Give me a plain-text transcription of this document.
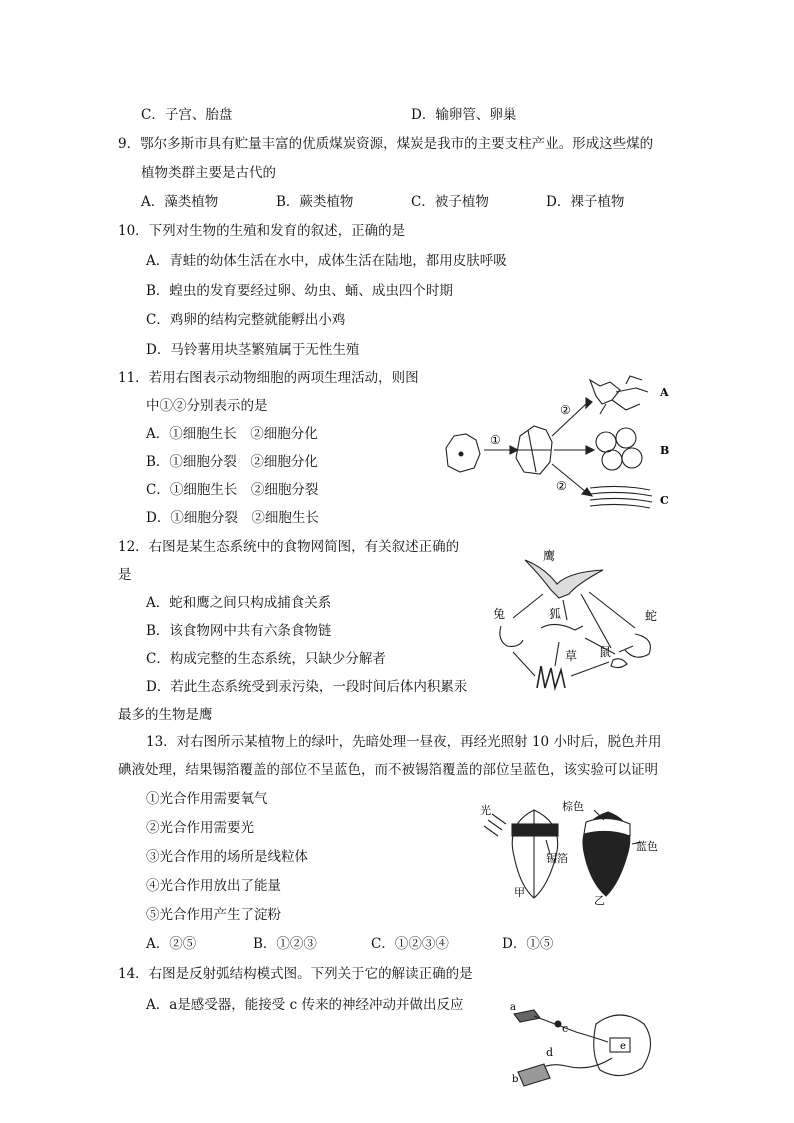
C．子宫、胎盘	D．输卵管、卵巢
9．鄂尔多斯市具有贮量丰富的优质煤炭资源，煤炭是我市的主要支柱产业。形成这些煤的
植物类群主要是古代的
A．藻类植物	B．蕨类植物	C．被子植物	D．裸子植物
10．下列对生物的生殖和发育的叙述，正确的是
A．青蛙的幼体生活在水中，成体生活在陆地，都用皮肤呼吸
B．蝗虫的发育要经过卵、幼虫、蛹、成虫四个时期
C．鸡卵的结构完整就能孵出小鸡
D．马铃薯用块茎繁殖属于无性生殖
11．若用右图表示动物细胞的两项生理活动，则图
中①②分别表示的是
A．①细胞生长　②细胞分化
B．①细胞分裂　②细胞分化
C．①细胞生长　②细胞分裂
D．①细胞分裂　②细胞生长
①
②
②
A
B
C
12．右图是某生态系统中的食物网简图，有关叙述正确的
是
A．蛇和鹰之间只构成捕食关系
B．该食物网中共有六条食物链
C．构成完整的生态系统，只缺少分解者
D．若此生态系统受到汞污染，一段时间后体内积累汞
最多的生物是鹰
鹰
兔	狐	蛇
草 鼠
13．对右图所示某植物上的绿叶，先暗处理一昼夜，再经光照射 10 小时后，脱色并用
碘液处理，结果锡箔覆盖的部位不呈蓝色，而不被锡箔覆盖的部位呈蓝色，该实验可以证明
①光合作用需要氧气
②光合作用需要光
③光合作用的场所是线粒体
④光合作用放出了能量
⑤光合作用产生了淀粉
A．②⑤	B．①②③	C．①②③④	D．①⑤
光
锡箔
棕色
蓝色
甲
乙
14．右图是反射弧结构模式图。下列关于它的解读正确的是
A．a是感受器，能接受 c 传来的神经冲动并做出反应	a
b
c
d	e
